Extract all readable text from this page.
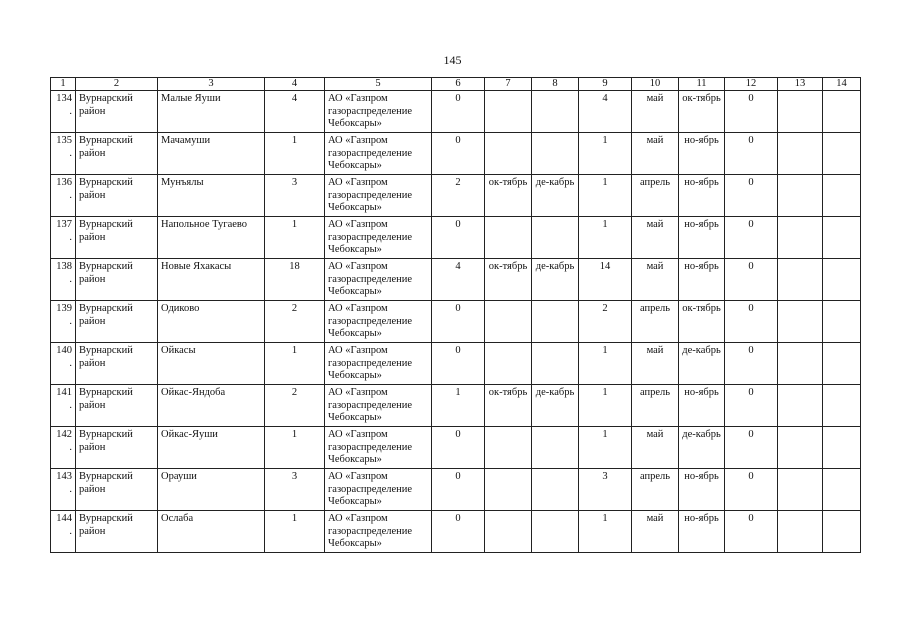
145
1	2	3	4	5	6	7	8	9	10	11	12	13	14
134.	Вурнарский район	Малые Яуши	4	АО «Газпром газораспределение Чебоксары»	0			4	май	ок-тябрь	0		
135.	Вурнарский район	Мачамуши	1	АО «Газпром газораспределение Чебоксары»	0			1	май	но-ябрь	0		
136.	Вурнарский район	Мунъялы	3	АО «Газпром газораспределение Чебоксары»	2	ок-тябрь	де-кабрь	1	апрель	но-ябрь	0		
137.	Вурнарский район	Напольное Тугаево	1	АО «Газпром газораспределение Чебоксары»	0			1	май	но-ябрь	0		
138.	Вурнарский район	Новые Яхакасы	18	АО «Газпром газораспределение Чебоксары»	4	ок-тябрь	де-кабрь	14	май	но-ябрь	0		
139.	Вурнарский район	Одиково	2	АО «Газпром газораспределение Чебоксары»	0			2	апрель	ок-тябрь	0		
140.	Вурнарский район	Ойкасы	1	АО «Газпром газораспределение Чебоксары»	0			1	май	де-кабрь	0		
141.	Вурнарский район	Ойкас-Яндоба	2	АО «Газпром газораспределение Чебоксары»	1	ок-тябрь	де-кабрь	1	апрель	но-ябрь	0		
142.	Вурнарский район	Ойкас-Яуши	1	АО «Газпром газораспределение Чебоксары»	0			1	май	де-кабрь	0		
143.	Вурнарский район	Орауши	3	АО «Газпром газораспределение Чебоксары»	0			3	апрель	но-ябрь	0		
144.	Вурнарский район	Ослаба	1	АО «Газпром газораспределение Чебоксары»	0			1	май	но-ябрь	0		
